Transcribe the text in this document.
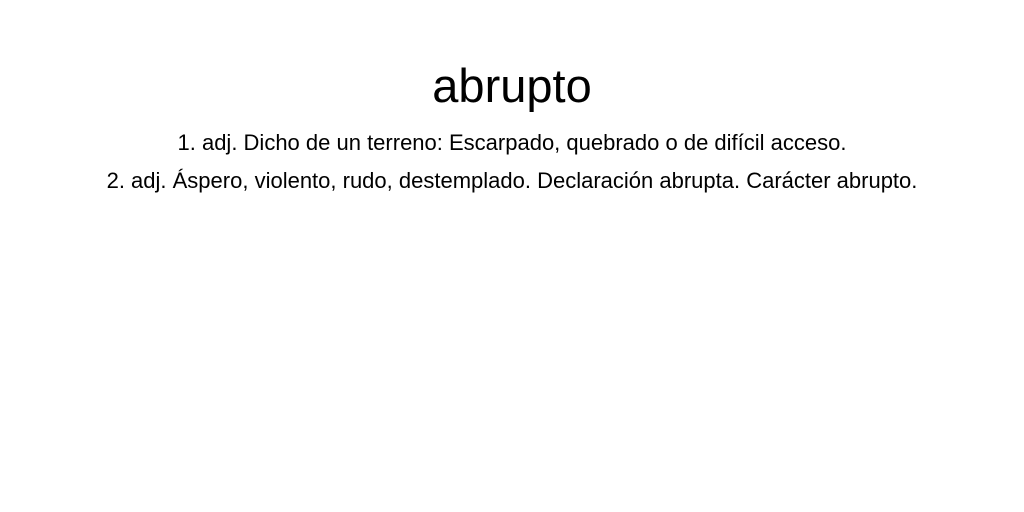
abrupto
1. adj. Dicho de un terreno: Escarpado, quebrado o de difícil acceso.
2. adj. Áspero, violento, rudo, destemplado. Declaración abrupta. Carácter abrupto.
